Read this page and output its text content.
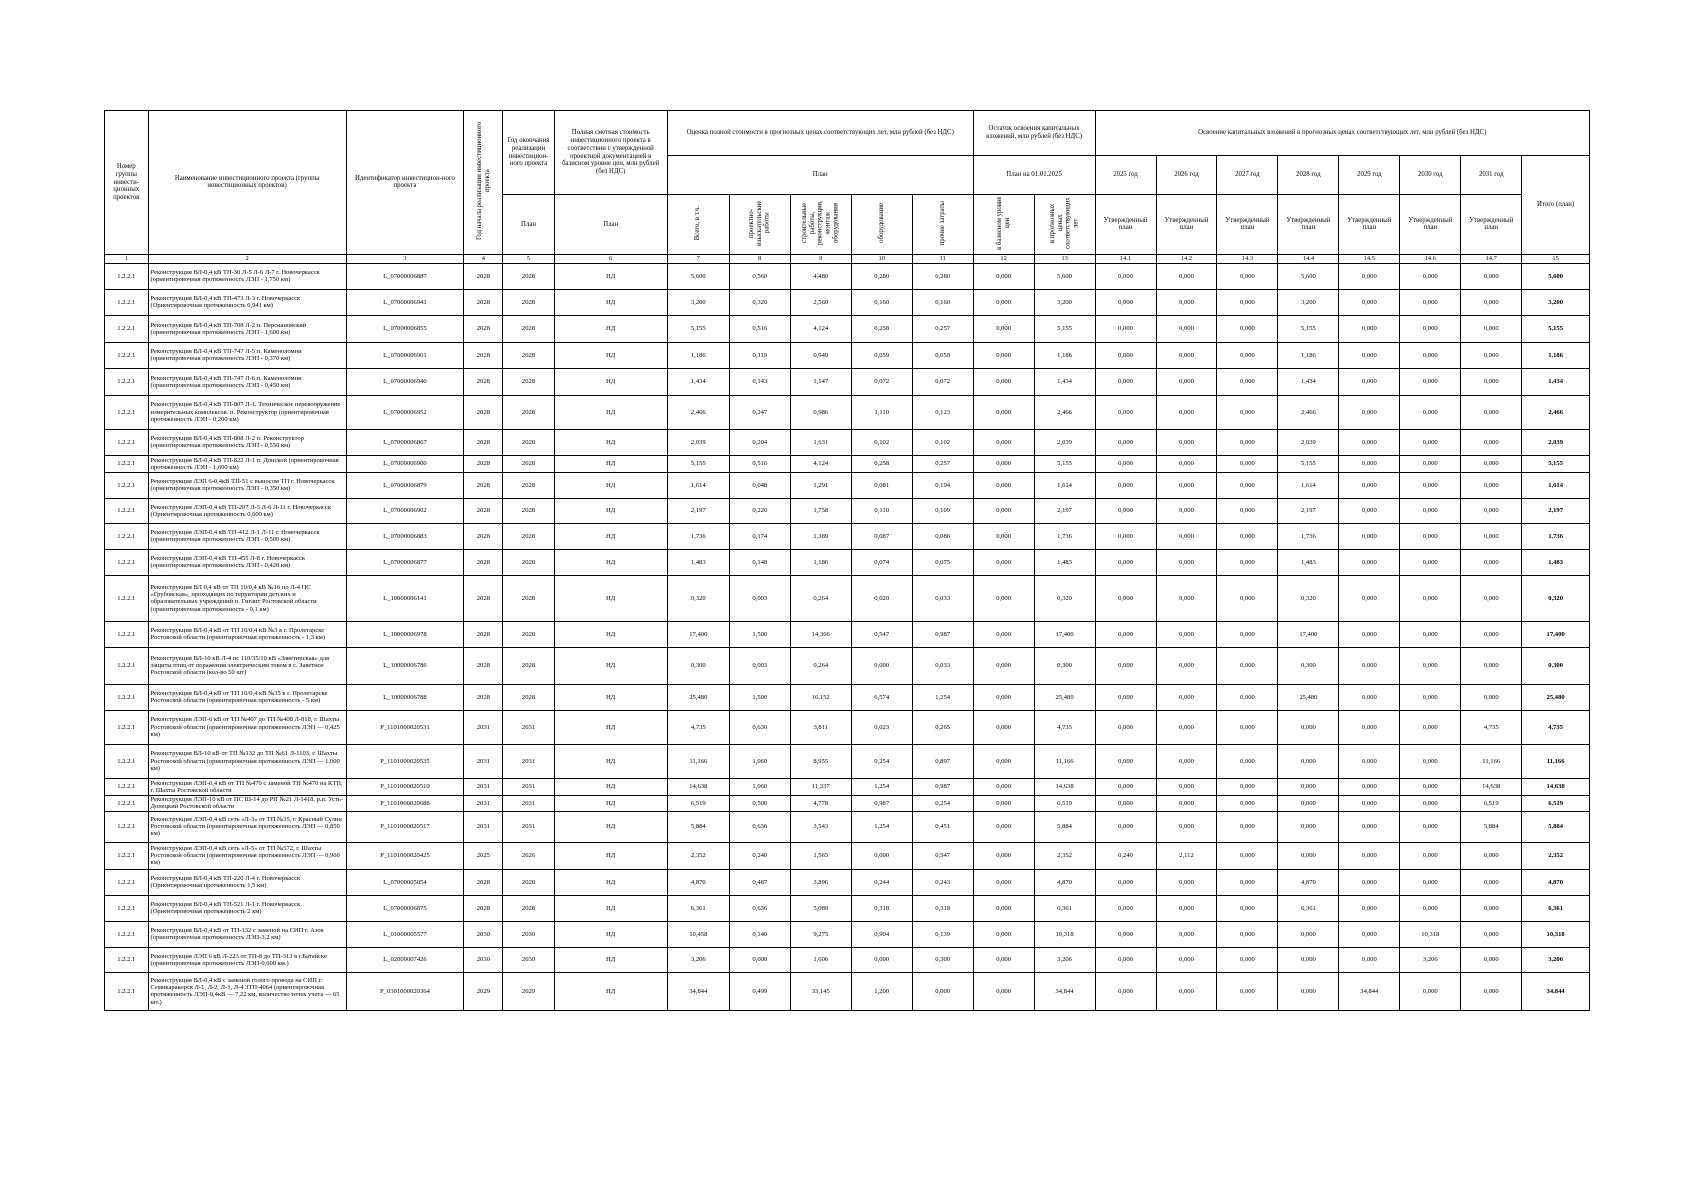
Номер группы инвести-ционных проектов	Наименование инвестиционного проекта (группы инвестиционных проектов)	Идентификатор инвестицион-ного проекта	Год начала реализации инвестиционного проекта	Год окончания реализации инвестицион-ного проекта	Полная сметная стоимость инвестиционного проекта в соответствии с утвержденной проектной документацией в базисном уровне цен, млн рублей (без НДС)	Оценка полной стоимости в прогнозных ценах соответствующих лет, млн рублей (без НДС)					Остаток освоения капитальных вложений, млн рублей (без НДС)		Освоение капитальных вложений в прогнозных ценах соответствующих лет, млн рублей (без НДС)							
						План					План на 01.01.2025		2025 год	2026 год	2027 год	2028 год	2029 год	2030 год	2031 год	Итого (план)
				План	План	Всего, в т.ч.	проектно-изыскательские работы	строительные работы, реконструкция, монтаж оборудования	оборудование	прочие затраты	в базисном уровне цен	в прогнозных ценах соответствующих лет	Утвержденный план	Утвержденный план	Утвержденный план	Утвержденный план	Утвержденный план	Утвержденный план	Утвержденный план	
1	2	3	4	5	6	7	8	9	10	11	12	13	14.1	14.2	14.3	14.4	14.5	14.6	14.7	15
1.2.2.1	Реконструкция ВЛ-0,4 кВ ТП-30 Л-5 Л-6 Л-7 г. Новочеркасск (ориентировочная протяженность ЛЭП - 1,750 км)	L_07000006887	2028	2028	НД	5,600	0,560	4,480	0,280	0,280	0,000	5,600	0,000	0,000	0,000	5,600	0,000	0,000	0,000	5,600
1.2.2.1	Реконструкция ВЛ-0,4 кВ ТП-473 Л-3 г. Новочеркасск (Ориентировочная протяженность 0,941 км)	L_07000006941	2028	2028	НД	3,200	0,320	2,560	0,160	0,160	0,000	3,200	0,000	0,000	0,000	3,200	0,000	0,000	0,000	3,200
1.2.2.1	Реконструкция ВЛ-0,4 кВ ТП-708 Л-2 п. Персиановский (ориентировочная протяженность ЛЭП - 1,600 км)	L_07000006855	2028	2028	НД	5,155	0,516	4,124	0,258	0,257	0,000	5,155	0,000	0,000	0,000	5,155	0,000	0,000	0,000	5,155
1.2.2.1	Реконструкция ВЛ-0,4 кВ ТП-747 Л-5 п. Каменоломни (ориентировочная протяженность ЛЭП - 0,370 км)	L_07000006901	2028	2028	НД	1,186	0,119	0,949	0,059	0,059	0,000	1,186	0,000	0,000	0,000	1,186	0,000	0,000	0,000	1,186
1.2.2.1	Реконструкция ВЛ-0,4 кВ ТП-747 Л-6 п. Каменоломни (ориентировочная протяженность ЛЭП - 0,450 км)	L_07000006940	2028	2028	НД	1,434	0,143	1,147	0,072	0,072	0,000	1,434	0,000	0,000	0,000	1,434	0,000	0,000	0,000	1,434
1.2.2.1	Реконструкция ВЛ-0,4 кВ ТП-807 Л-1. Техническое перевооружение измерительных комплексов. п. Реконструктор (ориентировочная протяженность ЛЭП - 0,200 км)	L_07000006952	2028	2028	НД	2,466	0,247	0,986	1,110	0,123	0,000	2,466	0,000	0,000	0,000	2,466	0,000	0,000	0,000	2,466
1.2.2.1	Реконструкция ВЛ-0,4 кВ ТП-808 Л-2 п. Реконструктор (ориентировочная протяженность ЛЭП - 0,550 км)	L_07000006867	2028	2028	НД	2,039	0,204	1,631	0,102	0,102	0,000	2,039	0,000	0,000	0,000	2,039	0,000	0,000	0,000	2,039
1.2.2.1	Реконструкция ВЛ-0,4 кВ ТП-822 Л-1 п. Донской (ориентировочная протяженность ЛЭП - 1,600 км)	L_07000006900	2028	2028	НД	5,155	0,516	4,124	0,258	0,257	0,000	5,155	0,000	0,000	0,000	5,155	0,000	0,000	0,000	5,155
1.2.2.1	Реконструкция ЛЭП 6-0,4кВ ТП-51 с выносом ТП г. Новочеркасск (ориентировочная протяженность ЛЭП - 0,350 км)	L_07000006879	2028	2028	НД	1,614	0,048	1,291	0,081	0,194	0,000	1,614	0,000	0,000	0,000	1,614	0,000	0,000	0,000	1,614
1.2.2.1	Реконструкция ЛЭП-0,4 кВ ТП-207 Л-3 Л-6 Л-11 г. Новочеркасск (Ориентировочная протяженность 0,600 км)	L_07000006902	2028	2028	НД	2,197	0,220	1,758	0,110	0,109	0,000	2,197	0,000	0,000	0,000	2,197	0,000	0,000	0,000	2,197
1.2.2.1	Реконструкция ЛЭП-0,4 кВ ТП-412 Л-1 Л-11 г. Новочеркасск (ориентировочная протяженность ЛЭП - 0,500 км)	L_07000006883	2028	2028	НД	1,736	0,174	1,389	0,087	0,086	0,000	1,736	0,000	0,000	0,000	1,736	0,000	0,000	0,000	1,736
1.2.2.1	Реконструкция ЛЭП-0,4 кВ ТП-455 Л-8 г. Новочеркасск (ориентировочная протяженность ЛЭП - 0,420 км)	L_07000006877	2028	2028	НД	1,483	0,148	1,186	0,074	0,075	0,000	1,483	0,000	0,000	0,000	1,483	0,000	0,000	0,000	1,483
1.2.2.1	Реконструкция ВЛ 0,4 кВ от ТП 10/0,4 кВ №16 по Л-4 ПС «Грубовская», проходящих по территории детских и образовательных учреждений п. Гигант Ростовской области (ориентировочная протяженность - 0,1 км)	L_10000006141	2028	2028	НД	0,320	0,003	0,264	0,020	0,033	0,000	0,320	0,000	0,000	0,000	0,320	0,000	0,000	0,000	0,320
1.2.2.1	Реконструкция ВЛ-0,4 кВ от ТП 10/0,4 кВ №3 в г. Пролетарске Ростовской области (ориентировочная протяженность - 1,3 км)	L_10000006978	2028	2028	НД	17,400	1,500	14,366	0,547	0,987	0,000	17,400	0,000	0,000	0,000	17,400	0,000	0,000	0,000	17,400
1.2.2.1	Реконструкция ВЛ-10 кВ Л-4 пс 110/35/10 кВ «Заветинская» для защиты птиц от поражения электрическим током в с. Заветное Ростовской области (кол-во 50 шт)	L_10000006786	2028	2028	НД	0,300	0,003	0,264	0,000	0,033	0,000	0,300	0,000	0,000	0,000	0,300	0,000	0,000	0,000	0,300
1.2.2.1	Реконструкция ВЛ-0,4 кВ от ТП 10/0,4 кВ №35 в г. Пролетарске Ростовской области (ориентировочная протяженность - 5 км)	L_10000006788	2028	2028	НД	25,480	1,500	16,152	6,574	1,254	0,000	25,480	0,000	0,000	0,000	25,480	0,000	0,000	0,000	25,480
1.2.2.1	Реконструкция ЛЭП-6 кВ от ТП №407 до ТП №408 Л-818, г. Шахты Ростовской области (ориентировочная протяженность ЛЭП — 0,425 км)	P_1101000020531	2031	2031	НД	4,735	0,636	3,811	0,023	0,265	0,000	4,735	0,000	0,000	0,000	0,000	0,000	0,000	4,735	4,735
1.2.2.1	Реконструкция ВЛ-10 кВ от ТП №132 до ТП №61 Л-1103, г. Шахты Ростовской области (ориентировочная протяженность ЛЭП — 1,000 км)	P_1101000020535	2031	2031	НД	11,166	1,060	8,955	0,254	0,897	0,000	11,166	0,000	0,000	0,000	0,000	0,000	0,000	11,166	11,166
1.2.2.1	Реконструкция ЛЭП-0,4 кВ от ТП №470 с заменой ТП №470 на КТП, г. Шахты Ростовской области	P_1101000020510	2031	2031	НД	14,638	1,060	11,337	1,254	0,987	0,000	14,638	0,000	0,000	0,000	0,000	0,000	0,000	14,638	14,638
1.2.2.1	Реконструкция ЛЭП-10 кВ от ПС Ш-14 до РП №21 Л-1418, р.п. Усть-Донецкий Ростовской области	P_1101000020688	2031	2031	НД	6,519	0,500	4,778	0,987	0,254	0,000	6,519	0,000	0,000	0,000	0,000	0,000	0,000	6,519	6,519
1.2.2.1	Реконструкция ЛЭП-0,4 кВ сеть «Л-3» от ТП №35, г. Красный Сулин Ростовской области (ориентировочная протяженность ЛЭП — 0,850 км)	P_1101000020517	2031	2031	НД	5,884	0,636	3,543	1,254	0,451	0,000	5,884	0,000	0,000	0,000	0,000	0,000	0,000	5,884	5,884
1.2.2.1	Реконструкция ЛЭП-0,4 кВ сеть «Л-5» от ТП №572, г. Шахты Ростовской области (ориентировочная протяженность ЛЭП — 0,960 км)	P_1101000020425	2025	2026	НД	2,352	0,240	1,565	0,000	0,547	0,000	2,352	0,240	2,112	0,000	0,000	0,000	0,000	0,000	2,352
1.2.2.1	Реконструкция ВЛ-0,4 кВ ТП-220 Л-4 г. Новочеркасск (Ориентировочная протяженность 1,5 км)	L_07000005054	2028	2028	НД	4,870	0,487	3,896	0,244	0,243	0,000	4,870	0,000	0,000	0,000	4,870	0,000	0,000	0,000	4,870
1.2.2.1	Реконструкция ВЛ-0,4 кВ ТП-521 Л-1 г. Новочеркасск (Ориентировочная протяженность 2 км)	L_07000006875	2028	2028	НД	6,361	0,636	5,089	0,318	0,318	0,000	6,361	0,000	0,000	0,000	6,361	0,000	0,000	0,000	6,361
1.2.2.1	Реконструкция ВЛ-0,4 кВ от ТП-132 с заменой на СИП г. Азов (ориентировочная протяженность ЛЭП-3,2 км)	L_01000005577	2030	2030	НД	10,458	0,140	9,275	0,904	0,139	0,000	10,318	0,000	0,000	0,000	0,000	0,000	10,318	0,000	10,318
1.2.2.1	Реконструкция ЛЭП 6 кВ Л-223 от ТП-8 до ТП-313 в г.Батайске (ориентировочная протяженность ЛЭП-0,600 км.)	L_02000007426	2030	2030	НД	3,206	0,000	1,606	0,000	0,300	0,000	3,206	0,000	0,000	0,000	0,000	0,000	3,206	0,000	3,206
1.2.2.1	Реконструкция ВЛ-0,4 кВ с заменой голого провода на СИП г. Семикаракорск Л-1, Л-2, Л-3, Л-4 ЗТП-4064 (ориентировочная протяженность ЛЭП-0,4кВ — 7,22 км, количество точек учета — 65 шт.)	P_0301000020364	2029	2029	НД	34,844	0,499	33,145	1,200	0,000	0,000	34,844	0,000	0,000	0,000	0,000	34,844	0,000	0,000	34,844
